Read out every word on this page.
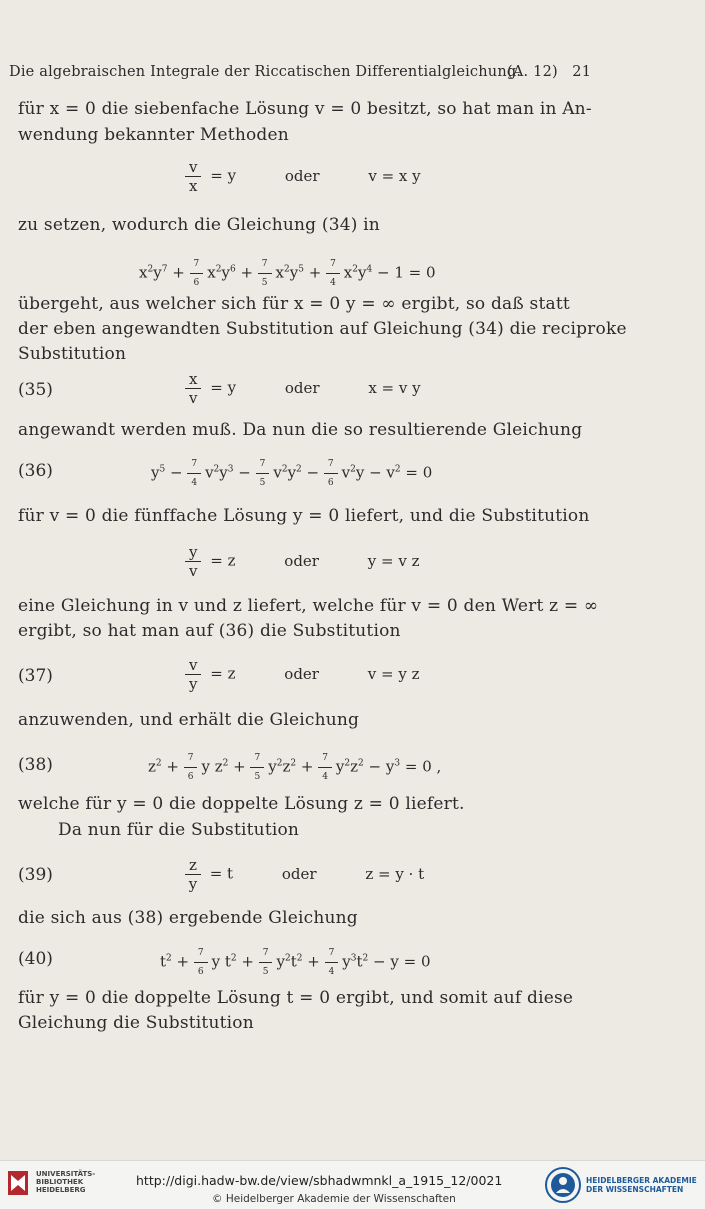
Die algebraischen Integrale der Riccatischen Differentialgleichung.
(A. 12) 21
für x = 0 die siebenfache Lösung v = 0 besitzt, so hat man in An-
wendung bekannter Methoden
$\frac{v}{x} = y$	oder	v = x y
zu setzen, wodurch die Gleichung (34) in
$x^2y^7 + \frac{7}{6} x^2y^6 + \frac{7}{5} x^2y^5 + \frac{7}{4} x^2y^4 - 1 = 0$
übergeht, aus welcher sich für x = 0 y = ∞ ergibt, so daß statt
der eben angewandten Substitution auf Gleichung (34) die reciproke
Substitution
(35)	$\frac{x}{v} = y$	oder	x = v y
angewandt werden muß. Da nun die so resultierende Gleichung
(36)	$y^5 - \frac{7}{4} v^2y^3 - \frac{7}{5} v^2y^2 - \frac{7}{6} v^2y - v^2 = 0$
für v = 0 die fünffache Lösung y = 0 liefert, und die Substitution
$\frac{y}{v} = z$	oder	y = v z
eine Gleichung in v und z liefert, welche für v = 0 den Wert z = ∞
ergibt, so hat man auf (36) die Substitution
(37)	$\frac{v}{y} = z$	oder	v = y z
anzuwenden, und erhält die Gleichung
(38)	$z^2 + \frac{7}{6}$ y $z^2 + \frac{7}{5} y^2z^2 + \frac{7}{4} y^2z^2 - y^3 = 0$ ,
welche für y = 0 die doppelte Lösung z = 0 liefert.
Da nun für die Substitution
(39)	$\frac{z}{y} = t$	oder	z = y · t
die sich aus (38) ergebende Gleichung
(40)	$t^2 + \frac{7}{6}$ y $t^2 + \frac{7}{5} y^2t^2 + \frac{7}{4} y^3t^2 - y = 0$
für y = 0 die doppelte Lösung t = 0 ergibt, und somit auf diese
Gleichung die Substitution
UNIVERSITÄTS-BIBLIOTHEK HEIDELBERG
http://digi.hadw-bw.de/view/sbhadwmnkl_a_1915_12/0021
© Heidelberger Akademie der Wissenschaften
HEIDELBERGER AKADEMIE DER WISSENSCHAFTEN
